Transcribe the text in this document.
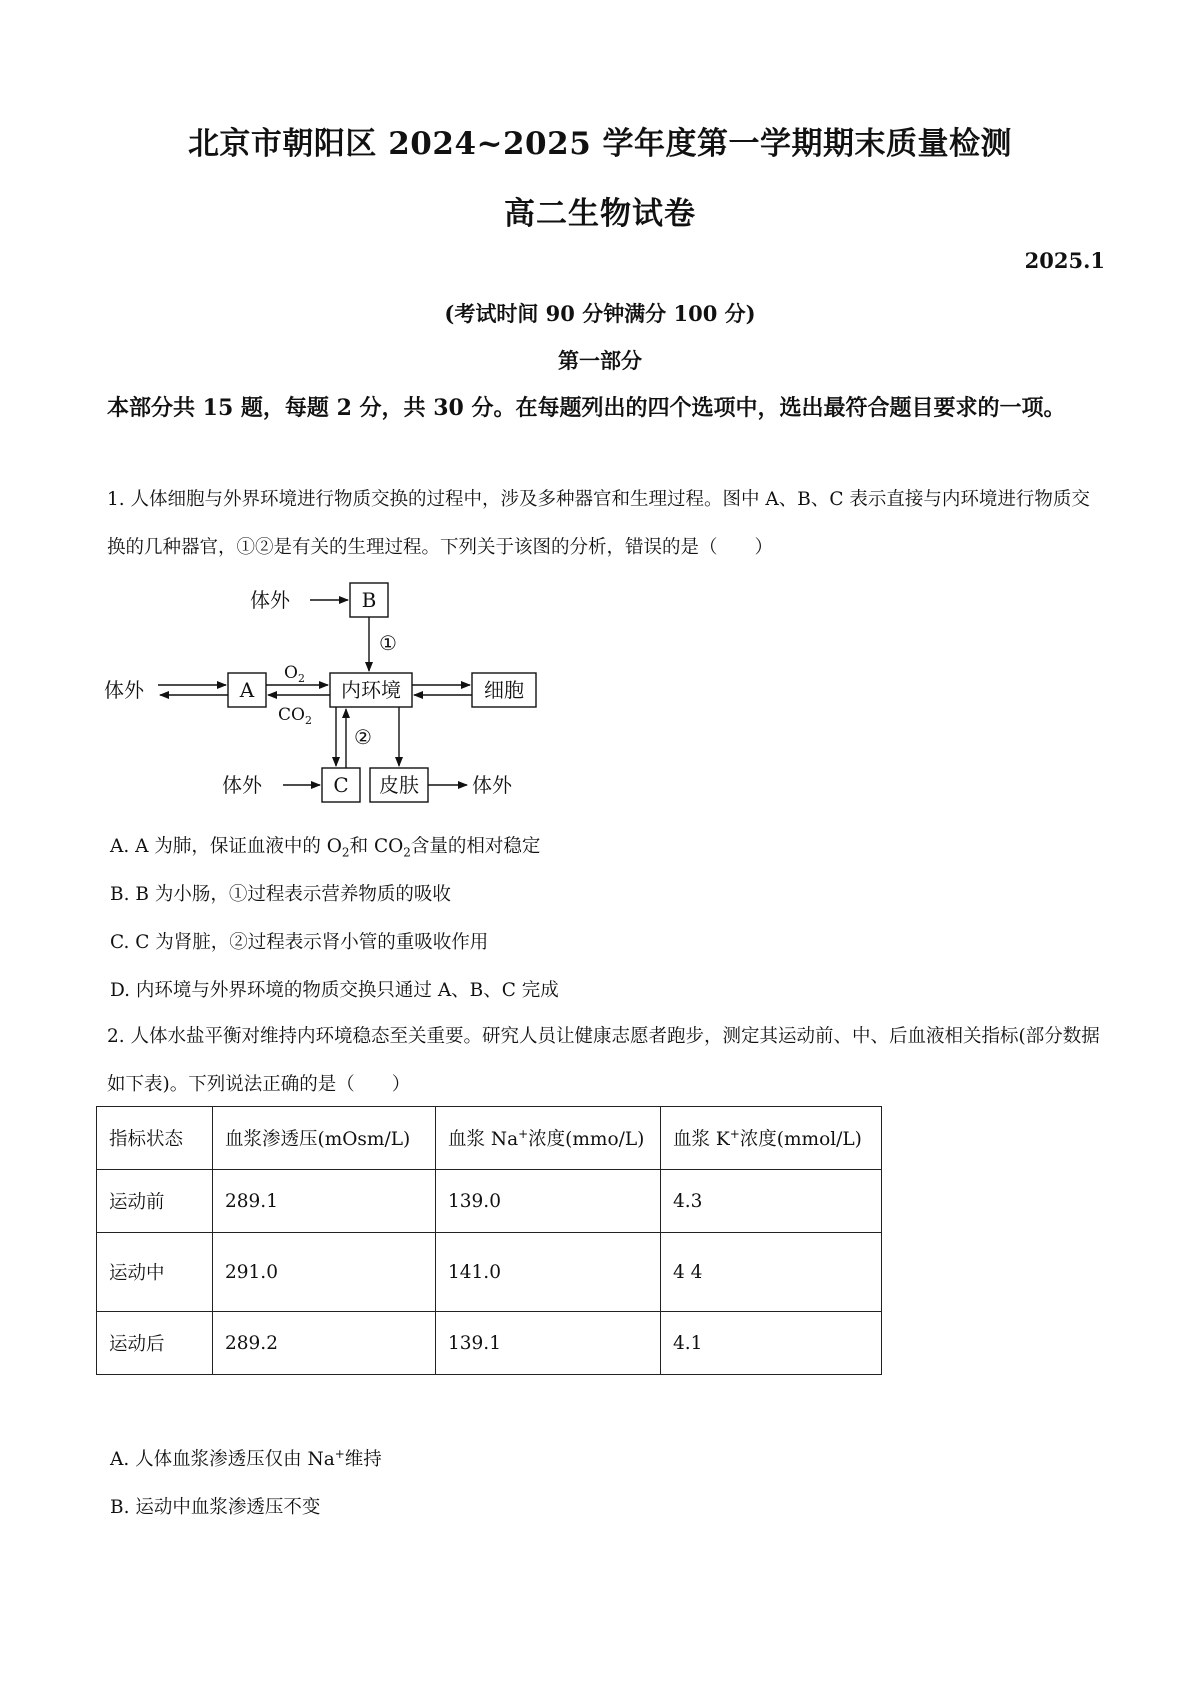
北京市朝阳区 2024~2025 学年度第一学期期末质量检测
高二生物试卷
2025.1
(考试时间 90 分钟满分 100 分)
第一部分
本部分共 15 题，每题 2 分，共 30 分。在每题列出的四个选项中，选出最符合题目要求的一项。
1. 人体细胞与外界环境进行物质交换的过程中，涉及多种器官和生理过程。图中 A、B、C 表示直接与内环境进行物质交换的几种器官，①②是有关的生理过程。下列关于该图的分析，错误的是（　　）
体外	B
①
体外	A	内环境	细胞
②
体外	C 皮肤	体外
$O_2$
$CO_2$
A. A 为肺，保证血液中的 $O_2$和 $CO_2$含量的相对稳定
B. B 为小肠，①过程表示营养物质的吸收
C. C 为肾脏，②过程表示肾小管的重吸收作用
D. 内环境与外界环境的物质交换只通过 A、B、C 完成
2. 人体水盐平衡对维持内环境稳态至关重要。研究人员让健康志愿者跑步，测定其运动前、中、后血液相关指标(部分数据如下表)。下列说法正确的是（　　）
指标状态	血浆渗透压(mOsm/L)	血浆 Na+浓度(mmo/L)	血浆 K+浓度(mmol/L)
运动前	289.1	139.0	4.3
运动中	291.0	141.0	4 4
运动后	289.2	139.1	4.1
A. 人体血浆渗透压仅由 Na+维持
B. 运动中血浆渗透压不变
